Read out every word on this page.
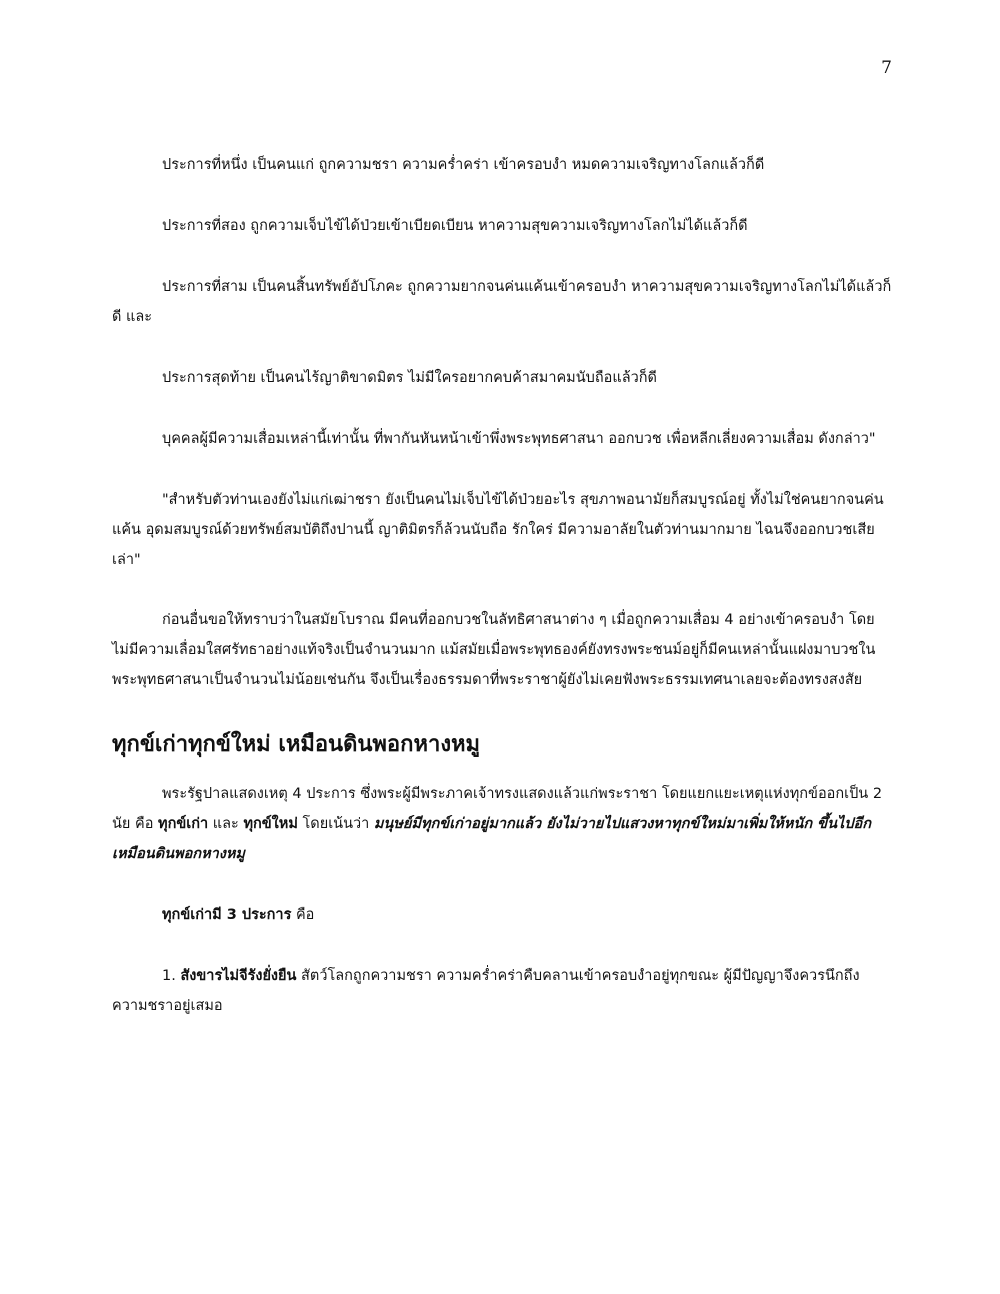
7

ประการที่หนึ่ง เป็นคนแก่ ถูกความชรา ความคร่ำคร่า เข้าครอบงำ หมดความเจริญทางโลกแล้วก็ดี

ประการที่สอง ถูกความเจ็บไข้ได้ป่วยเข้าเบียดเบียน หาความสุขความเจริญทางโลกไม่ได้แล้วก็ดี

ประการที่สาม เป็นคนสิ้นทรัพย์อัปโภคะ ถูกความยากจนค่นแค้นเข้าครอบงำ หาความสุขความเจริญทางโลกไม่ได้แล้วก็ดี และ

ประการสุดท้าย เป็นคนไร้ญาติขาดมิตร ไม่มีใครอยากคบค้าสมาคมนับถือแล้วก็ดี

บุคคลผู้มีความเสื่อมเหล่านี้เท่านั้น ที่พากันหันหน้าเข้าพึ่งพระพุทธศาสนา ออกบวช เพื่อหลีกเลี่ยงความเสื่อม ดังกล่าว"

"สำหรับตัวท่านเองยังไม่แก่เฒ่าชรา ยังเป็นคนไม่เจ็บไข้ได้ป่วยอะไร สุขภาพอนามัยก็สมบูรณ์อยู่ ทั้งไม่ใช่คนยากจนค่นแค้น อุดมสมบูรณ์ด้วยทรัพย์สมบัติถึงปานนี้ ญาติมิตรก็ล้วนนับถือ รักใคร่ มีความอาลัยในตัวท่านมากมาย ไฉนจึงออกบวชเสียเล่า"

ก่อนอื่นขอให้ทราบว่าในสมัยโบราณ มีคนที่ออกบวชในลัทธิศาสนาต่าง ๆ เมื่อถูกความเสื่อม 4 อย่างเข้าครอบงำ โดยไม่มีความเลื่อมใสศรัทธาอย่างแท้จริงเป็นจำนวนมาก แม้สมัยเมื่อพระพุทธองค์ยังทรงพระชนม์อยู่ก็มีคนเหล่านั้นแฝงมาบวชในพระพุทธศาสนาเป็นจำนวนไม่น้อยเช่นกัน จึงเป็นเรื่องธรรมดาที่พระราชาผู้ยังไม่เคยฟังพระธรรมเทศนาเลยจะต้องทรงสงสัย

ทุกข์เก่าทุกข์ใหม่ เหมือนดินพอกหางหมู

พระรัฐปาลแสดงเหตุ 4 ประการ ซึ่งพระผู้มีพระภาคเจ้าทรงแสดงแล้วแก่พระราชา โดยแยกแยะเหตุแห่งทุกข์ออกเป็น 2 นัย คือ ทุกข์เก่า และ ทุกข์ใหม่ โดยเน้นว่า มนุษย์มีทุกข์เก่าอยู่มากแล้ว ยังไม่วายไปแสวงหาทุกข์ใหม่มาเพิ่มให้หนัก ขึ้นไปอีก เหมือนดินพอกหางหมู

ทุกข์เก่ามี 3 ประการ คือ

1. สังขารไม่จีรังยั่งยืน สัตว์โลกถูกความชรา ความคร่ำคร่าคืบคลานเข้าครอบงำอยู่ทุกขณะ ผู้มีปัญญาจึงควรนึกถึงความชราอยู่เสมอ
